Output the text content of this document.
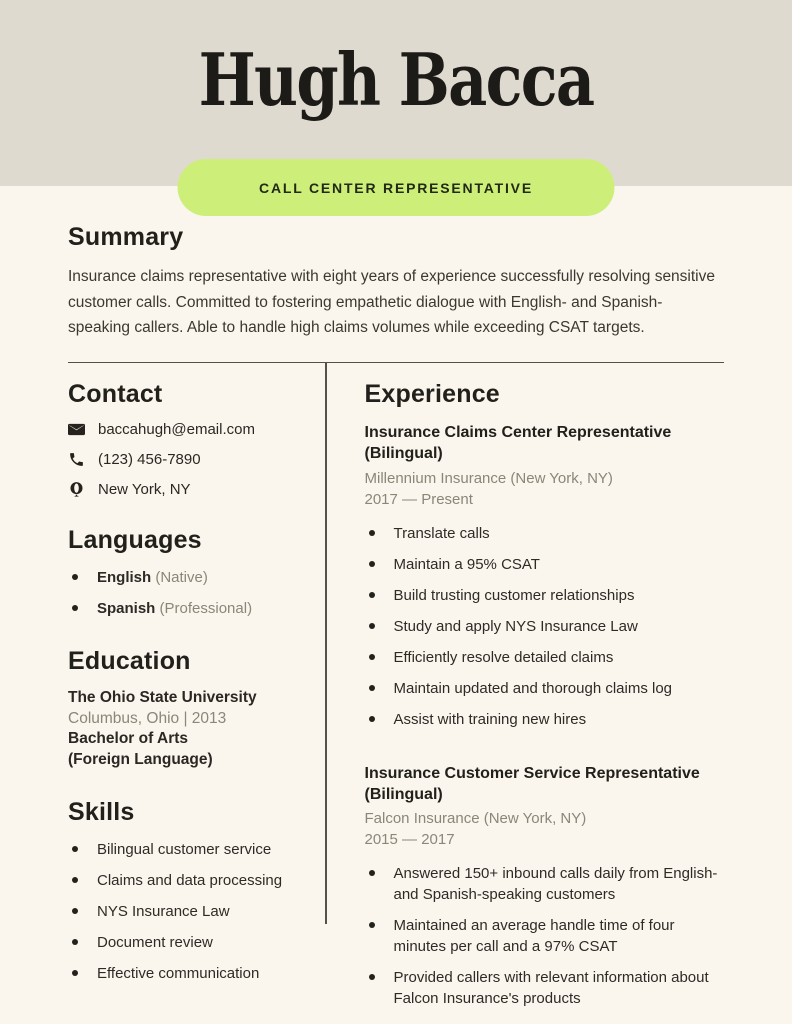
Hugh Bacca
CALL CENTER REPRESENTATIVE
Summary

Insurance claims representative with eight years of experience successfully resolving sensitive customer calls. Committed to fostering empathetic dialogue with English- and Spanish-speaking callers. Able to handle high claims volumes while exceeding CSAT targets.

Contact
baccahugh@email.com
(123) 456-7890
New York, NY
Languages
English (Native)
Spanish (Professional)
Education
The Ohio State University
Columbus, Ohio | 2013
Bachelor of Arts
(Foreign Language)
Skills
Bilingual customer service
Claims and data processing
NYS Insurance Law
Document review
Effective communication
Experience
Insurance Claims Center Representative (Bilingual)
Millennium Insurance (New York, NY)
2017 — Present
Translate calls
Maintain a 95% CSAT
Build trusting customer relationships
Study and apply NYS Insurance Law
Efficiently resolve detailed claims
Maintain updated and thorough claims log
Assist with training new hires
Insurance Customer Service Representative (Bilingual)
Falcon Insurance (New York, NY)
2015 — 2017
Answered 150+ inbound calls daily from English- and Spanish-speaking customers
Maintained an average handle time of four minutes per call and a 97% CSAT
Provided callers with relevant information about Falcon Insurance's products
